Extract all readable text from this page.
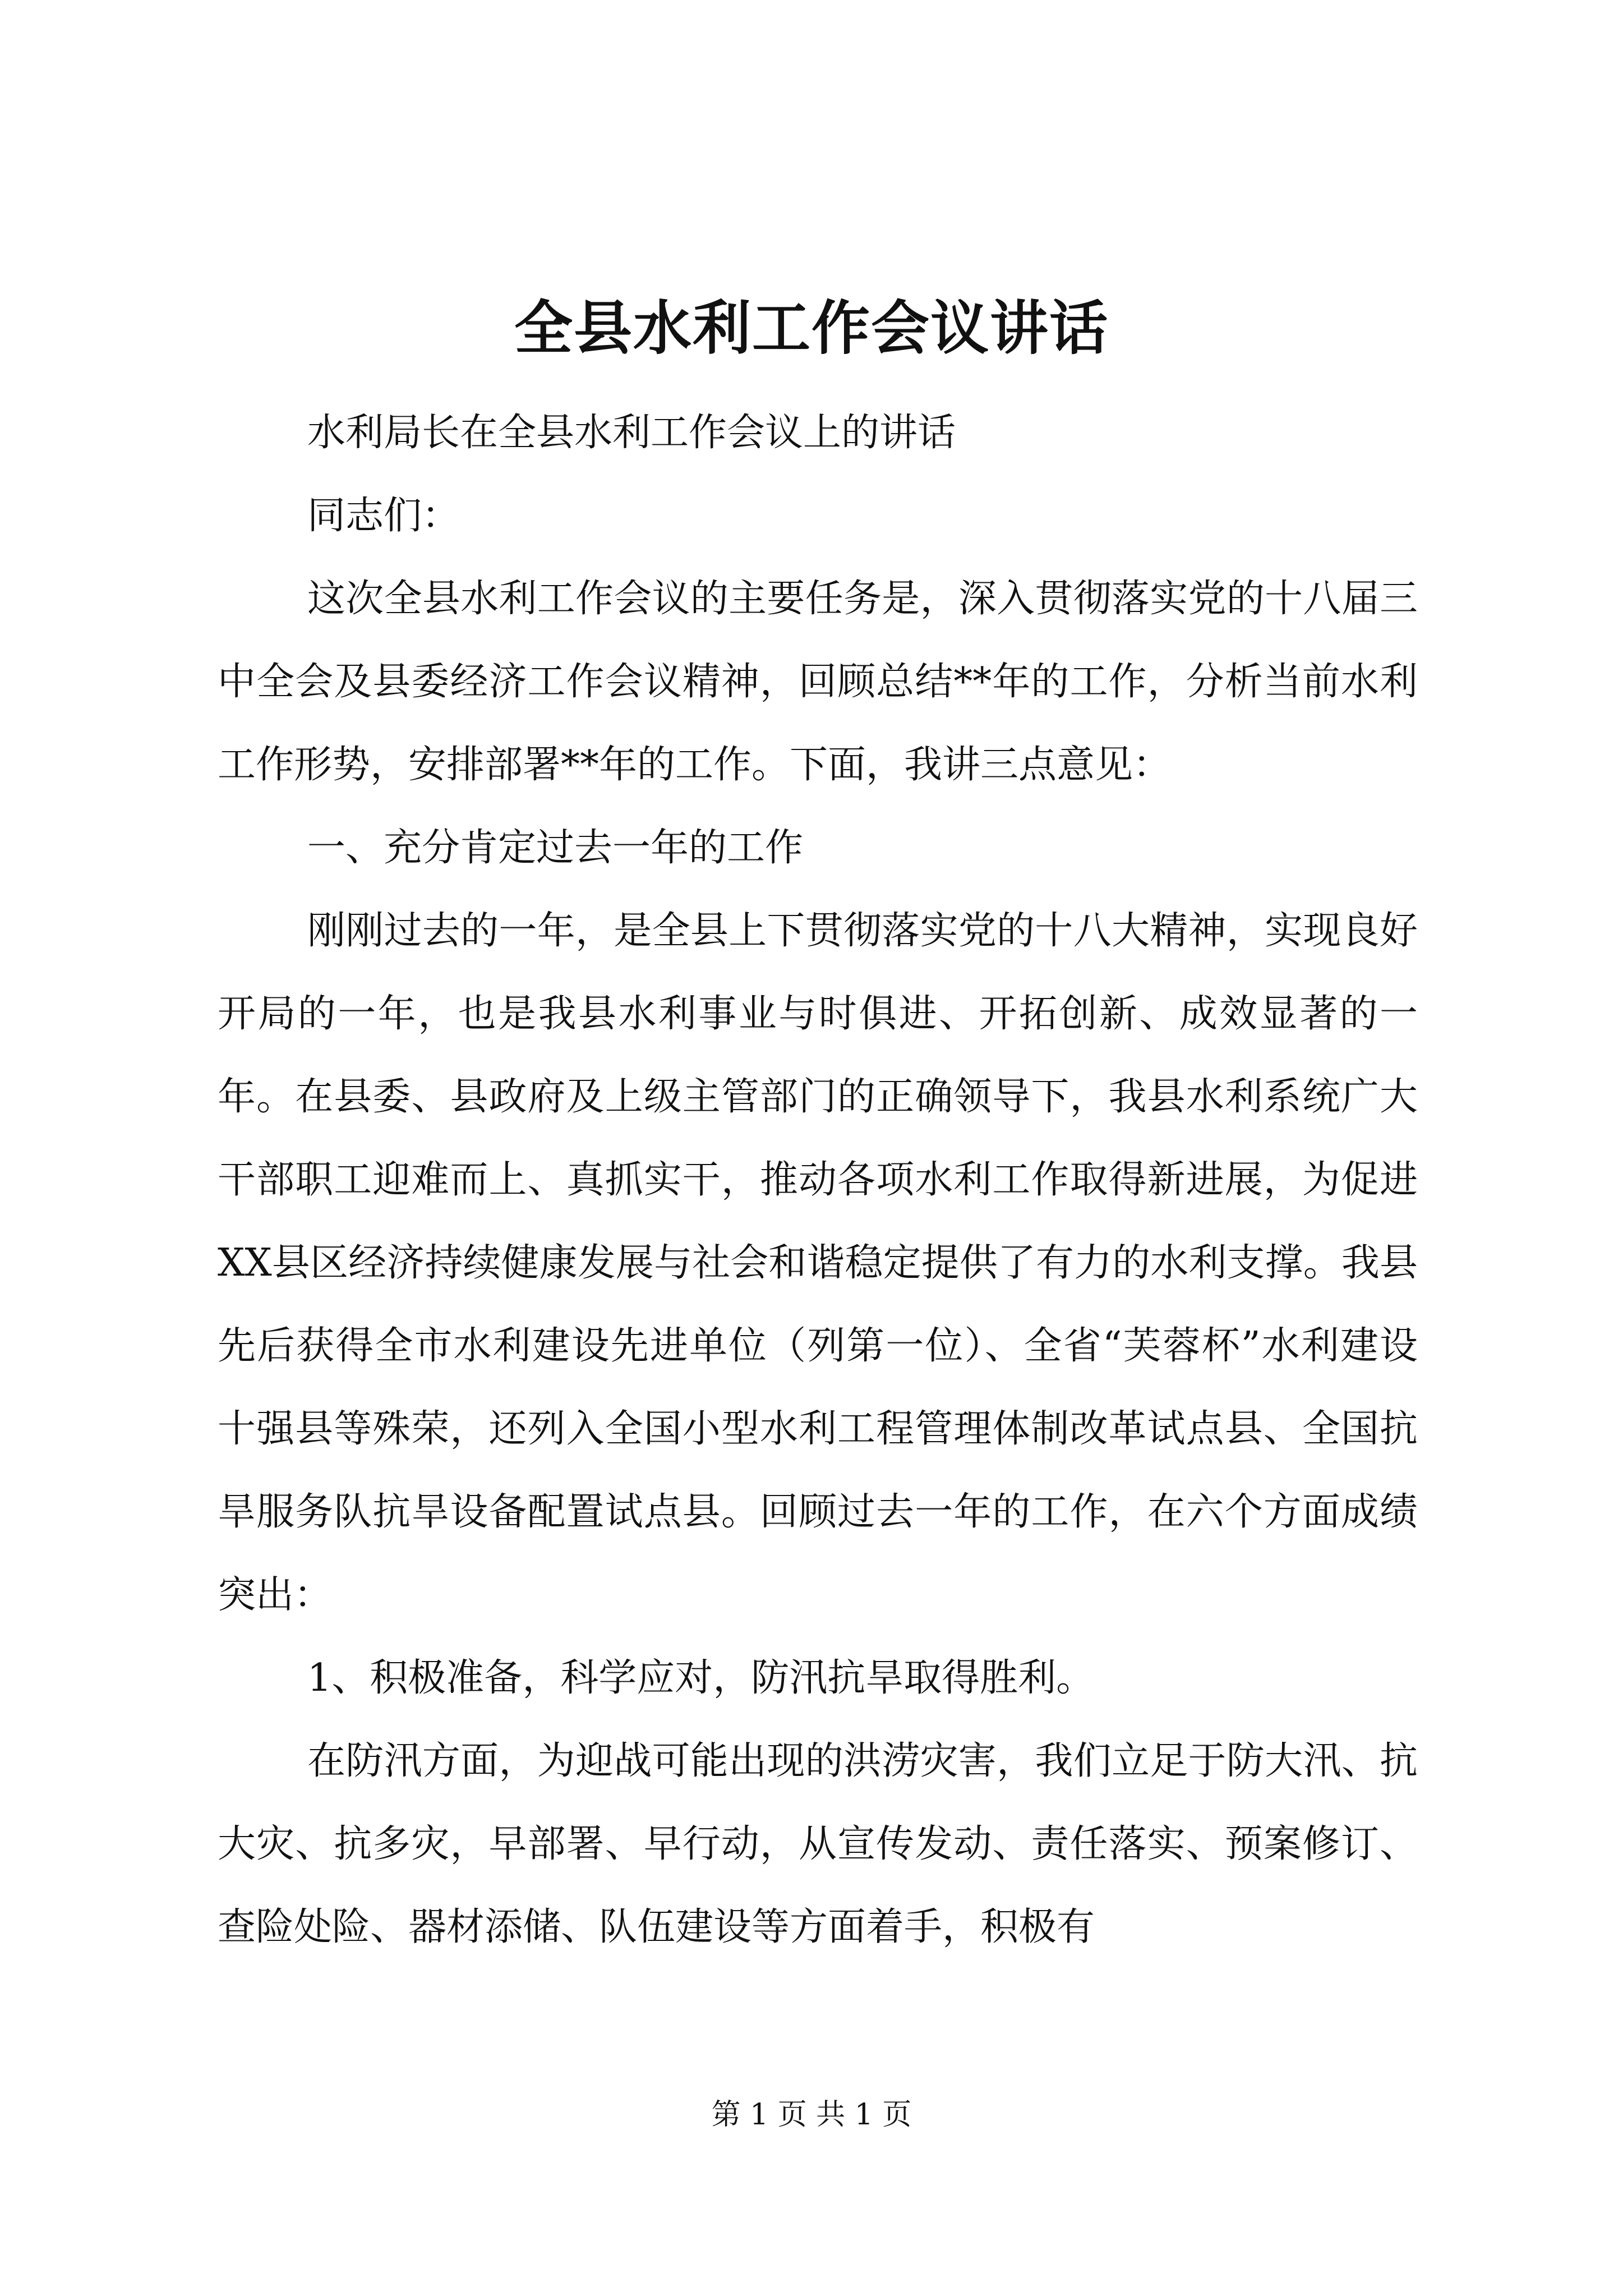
全县水利工作会议讲话

水利局长在全县水利工作会议上的讲话

同志们：

这次全县水利工作会议的主要任务是，深入贯彻落实党的十八届三中全会及县委经济工作会议精神，回顾总结**年的工作，分析当前水利工作形势，安排部署**年的工作。下面，我讲三点意见：

一、充分肯定过去一年的工作

刚刚过去的一年，是全县上下贯彻落实党的十八大精神，实现良好开局的一年，也是我县水利事业与时俱进、开拓创新、成效显著的一年。在县委、县政府及上级主管部门的正确领导下，我县水利系统广大干部职工迎难而上、真抓实干，推动各项水利工作取得新进展，为促进XX县区经济持续健康发展与社会和谐稳定提供了有力的水利支撑。我县先后获得全市水利建设先进单位（列第一位）、全省“芙蓉杯”水利建设十强县等殊荣，还列入全国小型水利工程管理体制改革试点县、全国抗旱服务队抗旱设备配置试点县。回顾过去一年的工作，在六个方面成绩突出：

1、积极准备，科学应对，防汛抗旱取得胜利。

在防汛方面，为迎战可能出现的洪涝灾害，我们立足于防大汛、抗大灾、抗多灾，早部署、早行动，从宣传发动、责任落实、预案修订、查险处险、器材添储、队伍建设等方面着手，积极有

第 1 页 共 1 页
